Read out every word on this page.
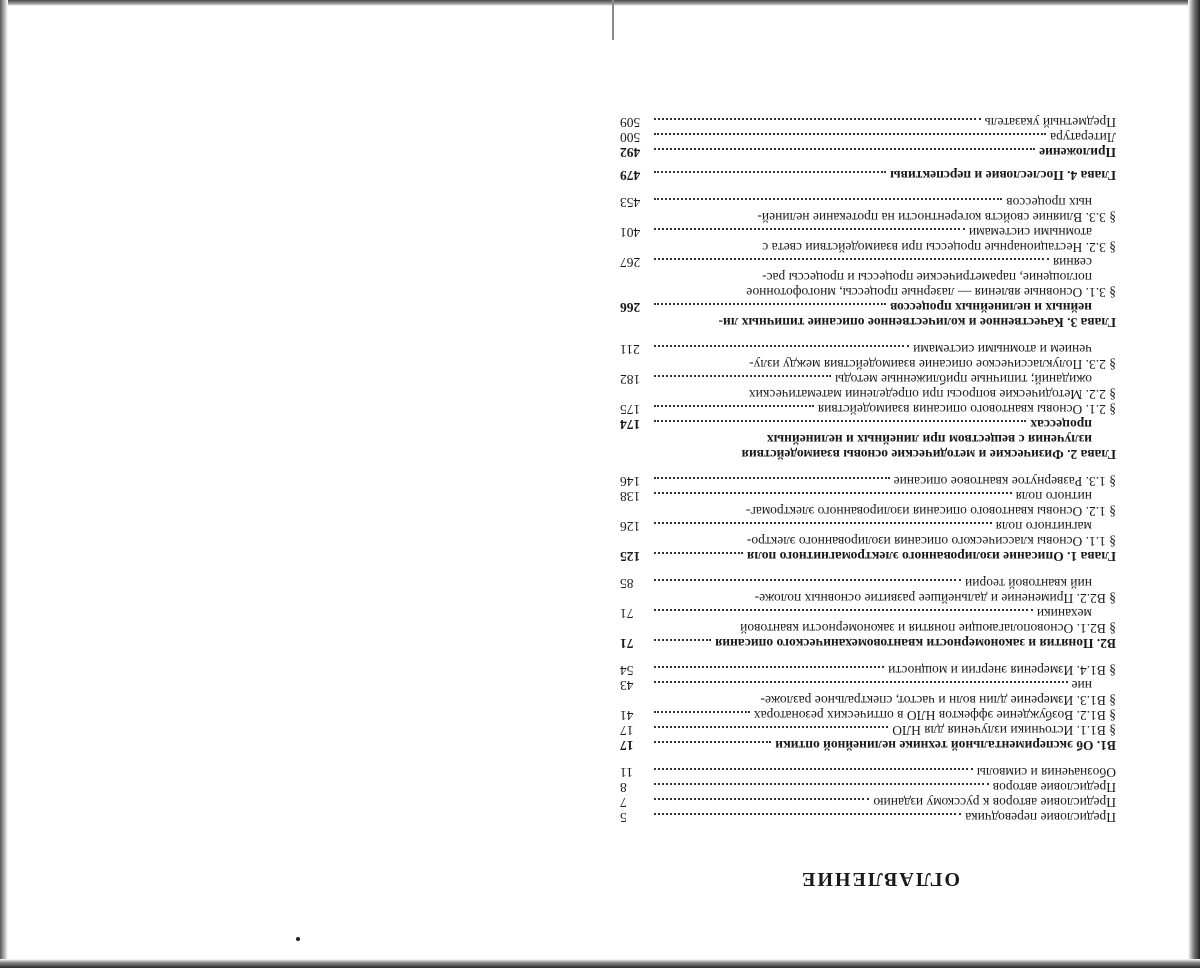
ОГЛАВЛЕНИЕ
Предисловие переводчика
5
Предисловие авторов к русскому изданию
7
Предисловие авторов
8
Обозначения и символы
11
В1. Об экспериментальной технике нелинейной оптики
17
§ В1.1. Источники излучения для НЛО
17
§ В1.2. Возбуждение эффектов НЛО в оптических резонаторах
41
§ В1.3. Измерение длин волн и частот, спектральное разложе-
ние
43
§ В1.4. Измерения энергии и мощности
54
В2. Понятия и закономерности квантовомеханического описания
71
§ В2.1. Основополагающие понятия и закономерности квантовой
механики
71
§ В2.2. Применение и дальнейшее развитие основных положе-
ний квантовой теории
85
Глава 1. Описание изолированного электромагнитного поля
125
§ 1.1. Основы классического описания изолированного электро-
магнитного поля
126
§ 1.2. Основы квантового описания изолированного электромаг-
нитного поля
138
§ 1.3. Развернутое квантовое описание
146
Глава 2. Физические и методические основы взаимодействия
излучения с веществом при линейных и нелинейных
процессах
174
§ 2.1. Основы квантового описания взаимодействия
175
§ 2.2. Методические вопросы при определении математических
ожиданий; типичные приближенные методы
182
§ 2.3. Полуклассическое описание взаимодействия между излу-
чением и атомными системами
211
Глава 3. Качественное и количественное описание типичных ли-
нейных и нелинейных процессов
266
§ 3.1. Основные явления — лазерные процессы, многофотонное
поглощение, параметрические процессы и процессы рас-
сеяния
267
§ 3.2. Нестационарные процессы при взаимодействии света с
атомными системами
401
§ 3.3. Влияние свойств когерентности на протекание нелиней-
ных процессов
453
Глава 4. Послесловие и перспективы
479
Приложение
492
Литература
500
Предметный указатель
509
